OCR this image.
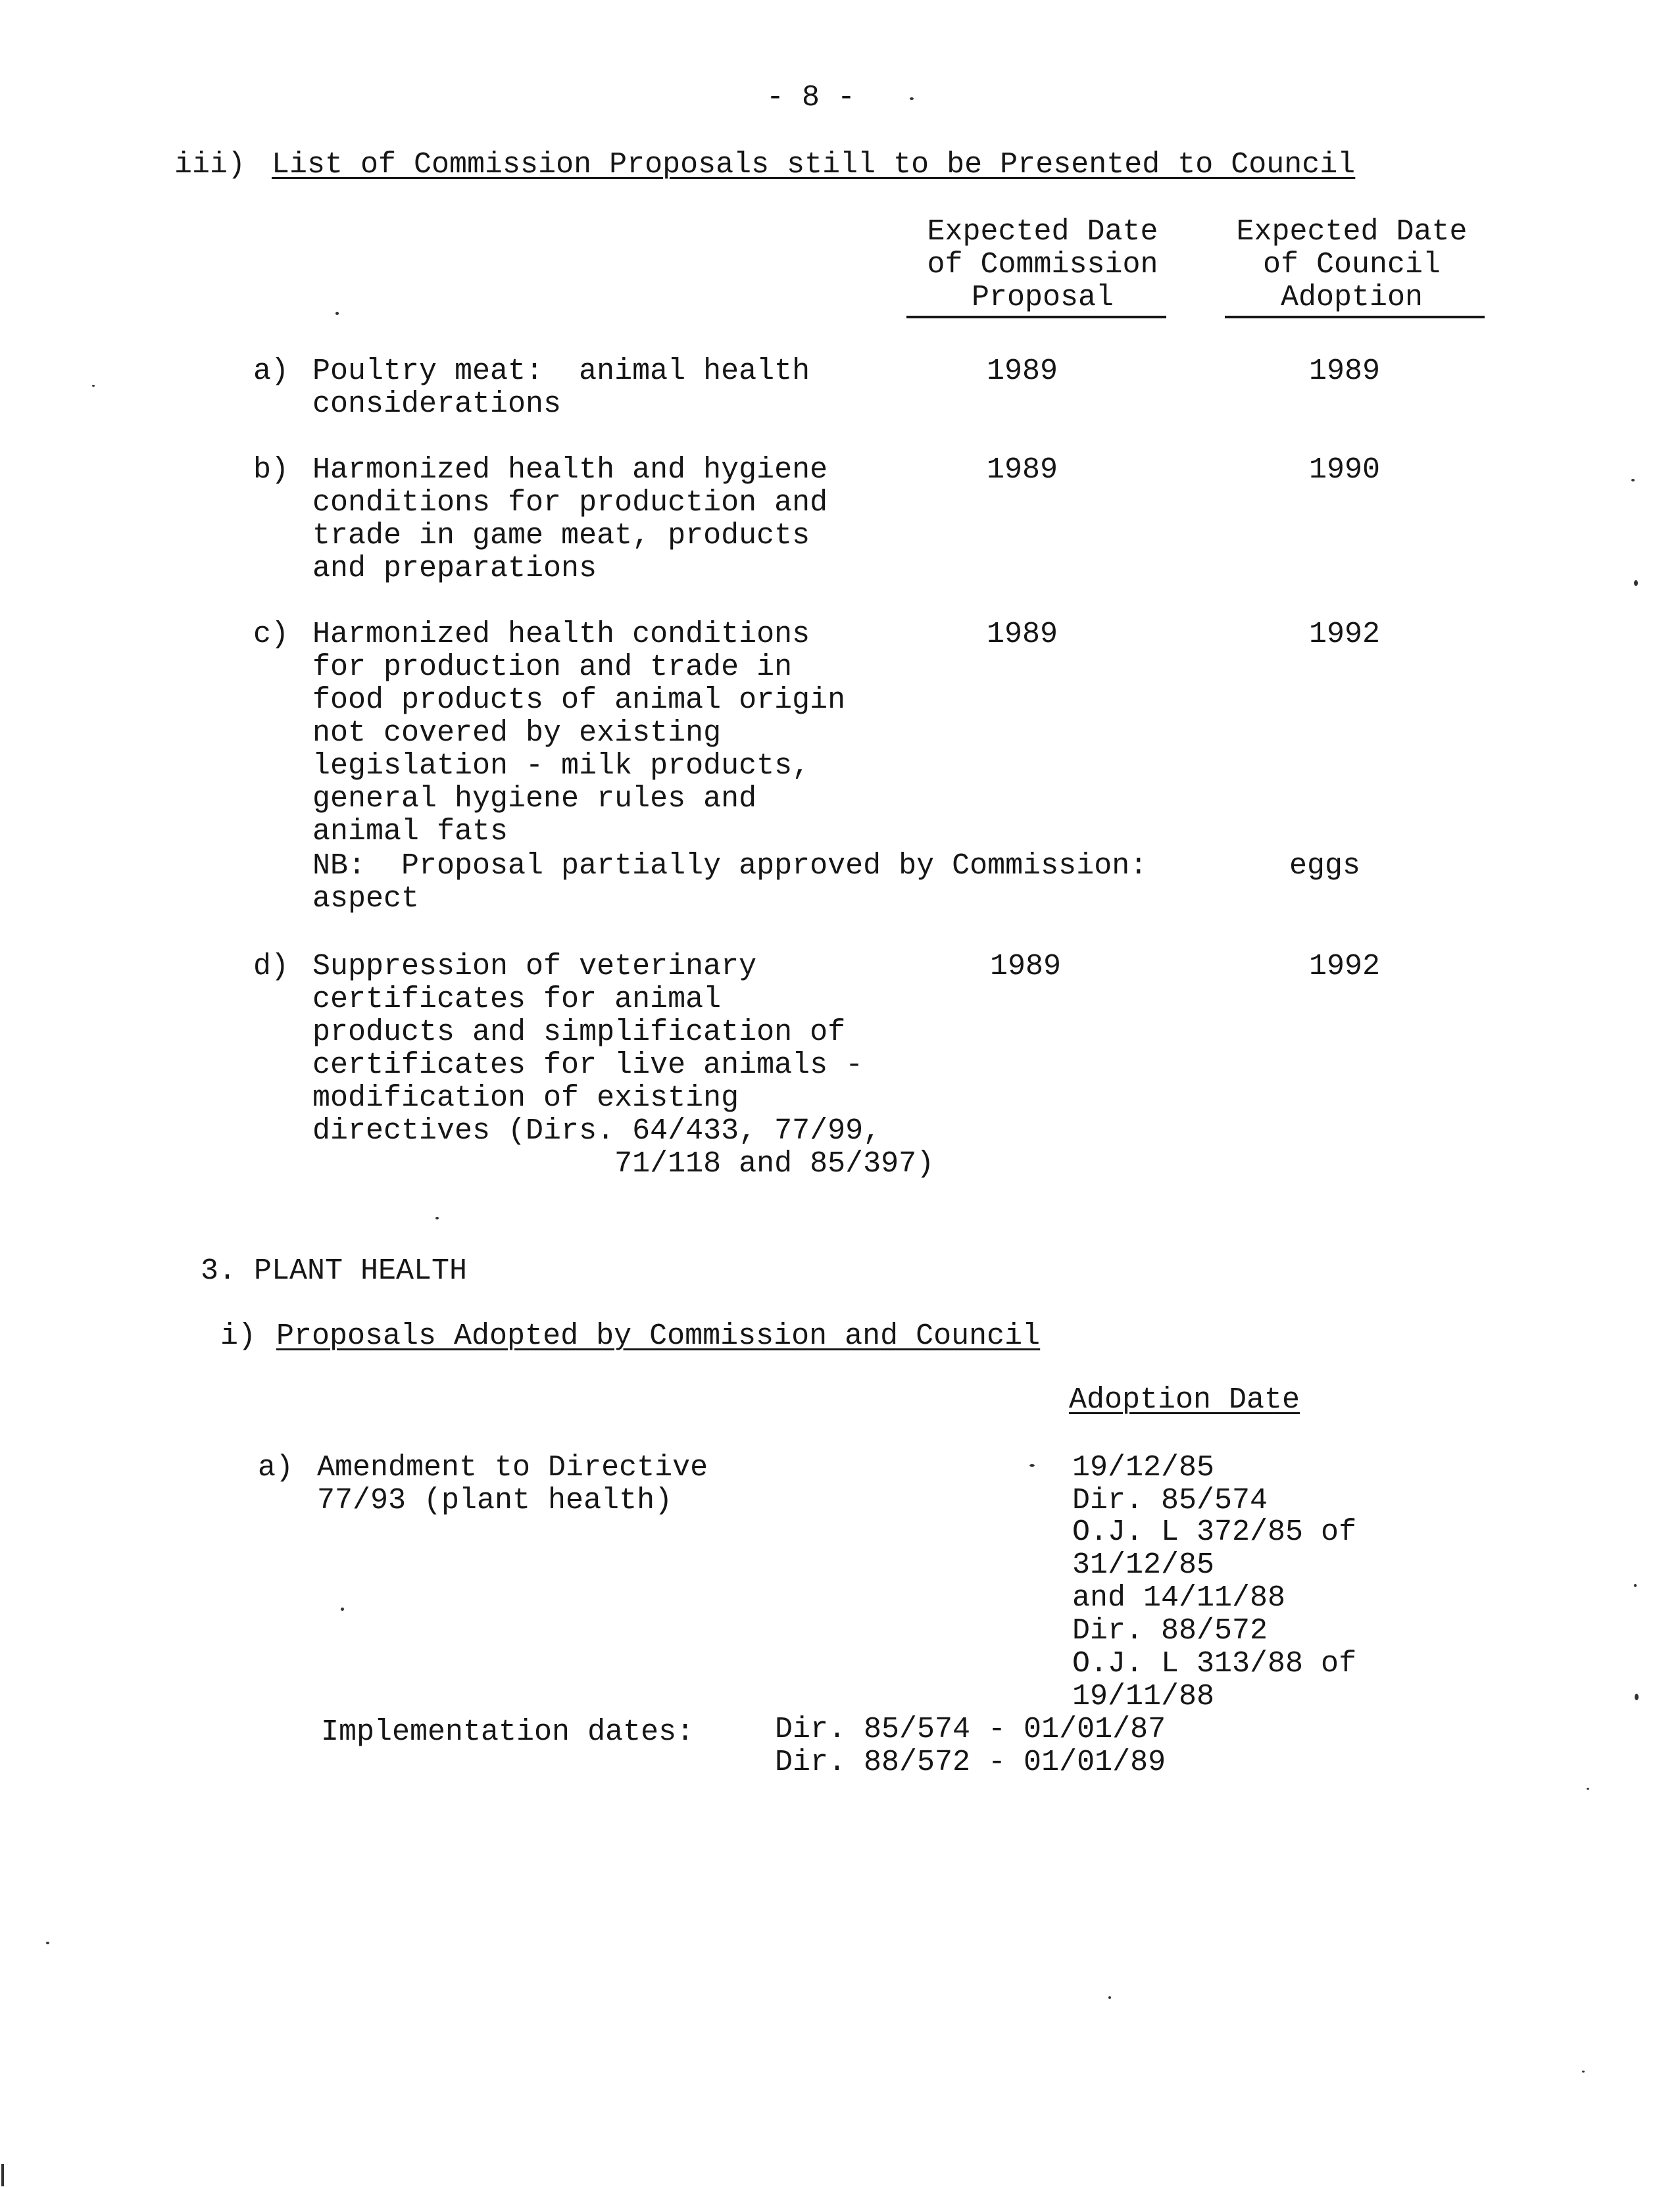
- 8 -
iii) List of Commission Proposals still to be Presented to Council
Expected Date
of Commission
Proposal
Expected Date
of Council
Adoption
a) Poultry meat:  animal health
considerations
1989	1989
b) Harmonized health and hygiene
conditions for production and
trade in game meat, products
and preparations
1989	1990
c) Harmonized health conditions
for production and trade in
food products of animal origin
not covered by existing
legislation - milk products,
general hygiene rules and
animal fats
NB:  Proposal partially approved by Commission:	eggs
aspect
1989	1992
d) Suppression of veterinary
certificates for animal
products and simplification of
certificates for live animals -
modification of existing
directives (Dirs. 64/433, 77/99,
71/118 and 85/397)
1989	1992
3. PLANT HEALTH
i) Proposals Adopted by Commission and Council
Adoption Date
a) Amendment to Directive
77/93 (plant health)
19/12/85
Dir. 85/574
O.J. L 372/85 of
31/12/85
and 14/11/88
Dir. 88/572
O.J. L 313/88 of
19/11/88
Implementation dates:	Dir. 85/574 - 01/01/87
Dir. 88/572 - 01/01/89
